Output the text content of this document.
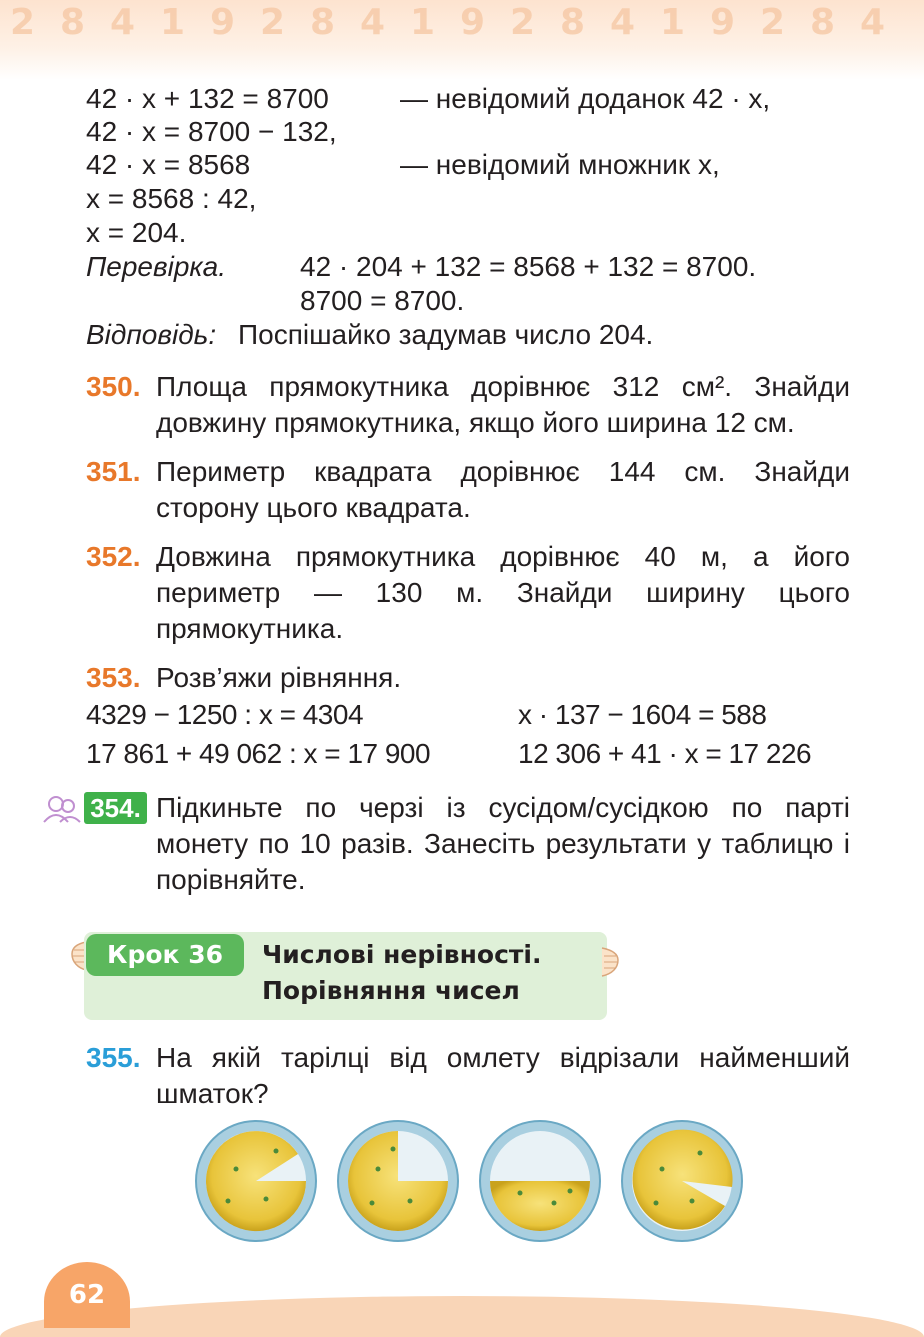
2 8 4 1 9 2 8 4 1 9 2 8 4 1 9 2 8 4
42 · x + 132 = 8700	— невідомий доданок 42 · x,
42 · x = 8700 − 132,
42 · x = 8568	— невідомий множник x,
x = 8568 : 42,
x = 204.
Перевірка.	42 · 204 + 132 = 8568 + 132 = 8700.
8700 = 8700.
Відповідь: Поспішайко задумав число 204.
350. Площа прямокутника дорівнює 312 см². Знайди довжину прямокутника, якщо його ширина 12 см.
351. Периметр квадрата дорівнює 144 см. Знайди сторону цього квадрата.
352. Довжина прямокутника дорівнює 40 м, а його периметр — 130 м. Знайди ширину цього прямокутника.
353. Розв’яжи рівняння.
4329 − 1250 : x = 4304	x · 137 − 1604 = 588
17 861 + 49 062 : x = 17 900	12 306 + 41 · x = 17 226
354. Підкиньте по черзі із сусідом/сусідкою по парті монету по 10 разів. Занесіть результати у таблицю і порівняйте.
Крок 36	Числові нерівності.
Порівняння чисел
355. На якій тарілці від омлету відрізали найменший шматок?
62
